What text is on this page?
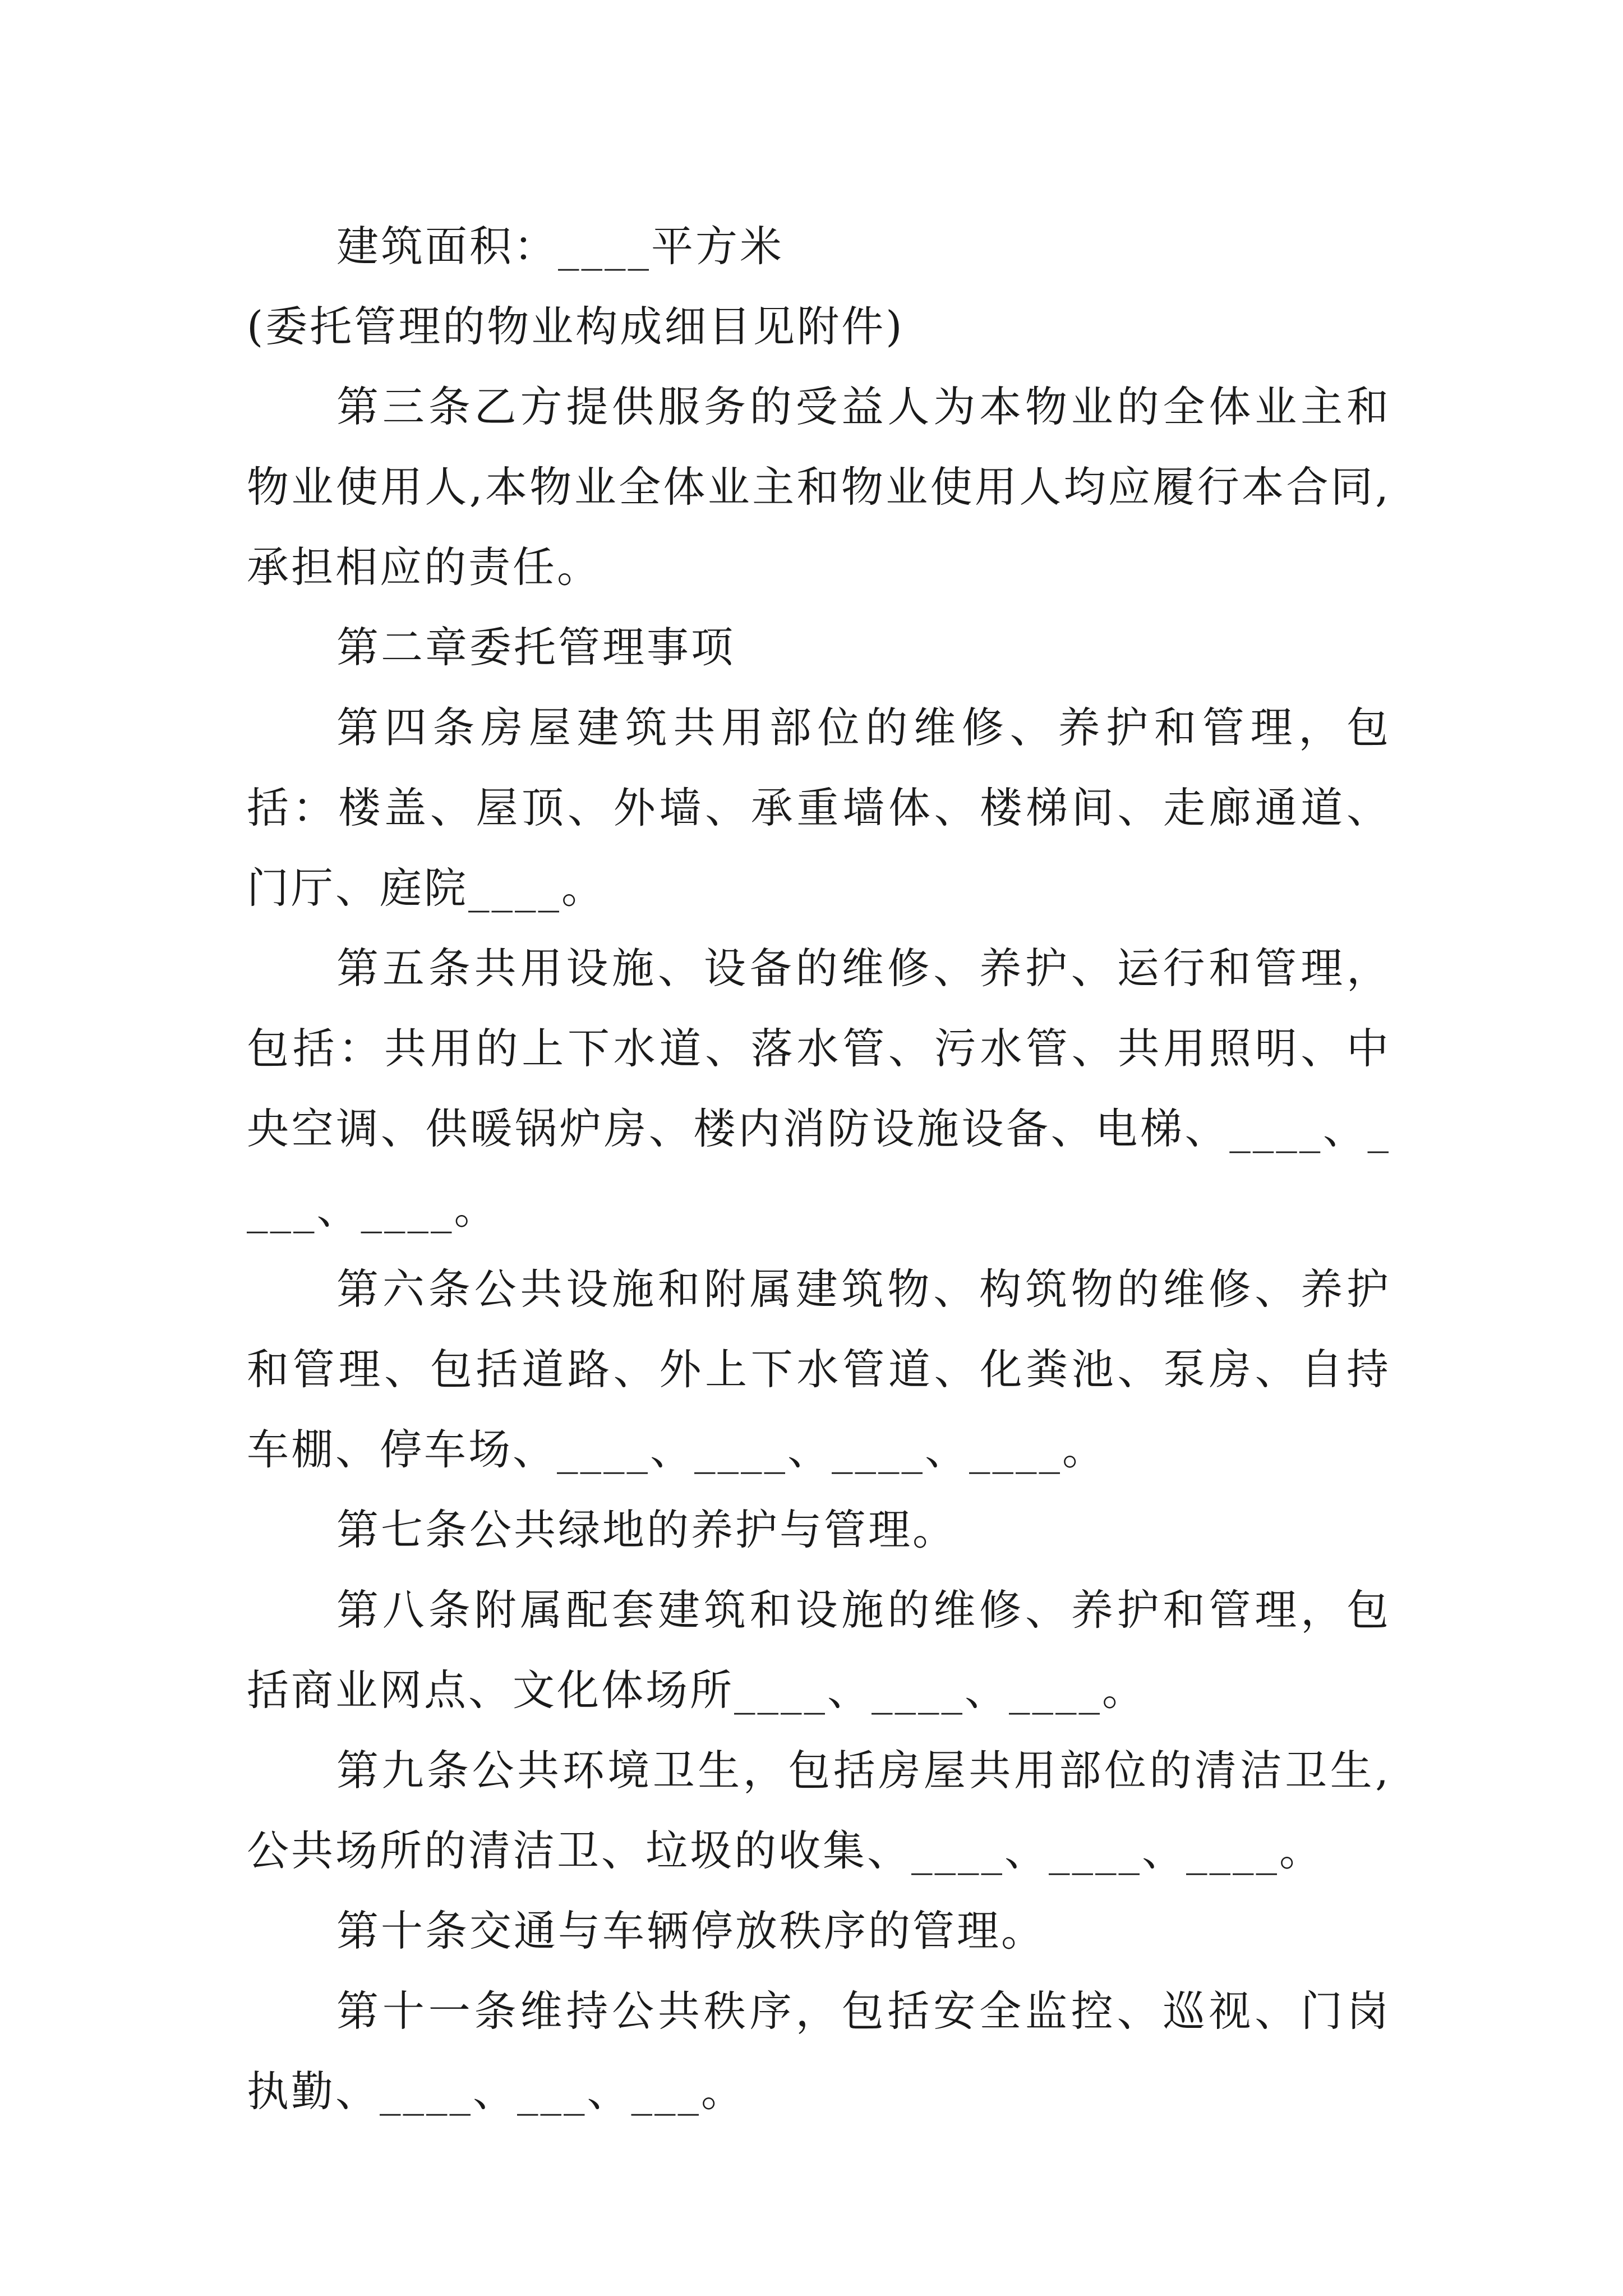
建筑面积：____平方米

(委托管理的物业构成细目见附件)

第三条乙方提供服务的受益人为本物业的全体业主和物业使用人,本物业全体业主和物业使用人均应履行本合同,承担相应的责任。

第二章委托管理事项

第四条房屋建筑共用部位的维修、养护和管理，包括：楼盖、屋顶、外墙、承重墙体、楼梯间、走廊通道、门厅、庭院____。

第五条共用设施、设备的维修、养护、运行和管理，包括：共用的上下水道、落水管、污水管、共用照明、中央空调、供暖锅炉房、楼内消防设施设备、电梯、____、____、____。

第六条公共设施和附属建筑物、构筑物的维修、养护和管理、包括道路、外上下水管道、化粪池、泵房、自持车棚、停车场、____、____、____、____。

第七条公共绿地的养护与管理。

第八条附属配套建筑和设施的维修、养护和管理，包括商业网点、文化体场所____、____、____。

第九条公共环境卫生，包括房屋共用部位的清洁卫生,公共场所的清洁卫、垃圾的收集、____、____、____。

第十条交通与车辆停放秩序的管理。

第十一条维持公共秩序，包括安全监控、巡视、门岗执勤、____、___、___。
